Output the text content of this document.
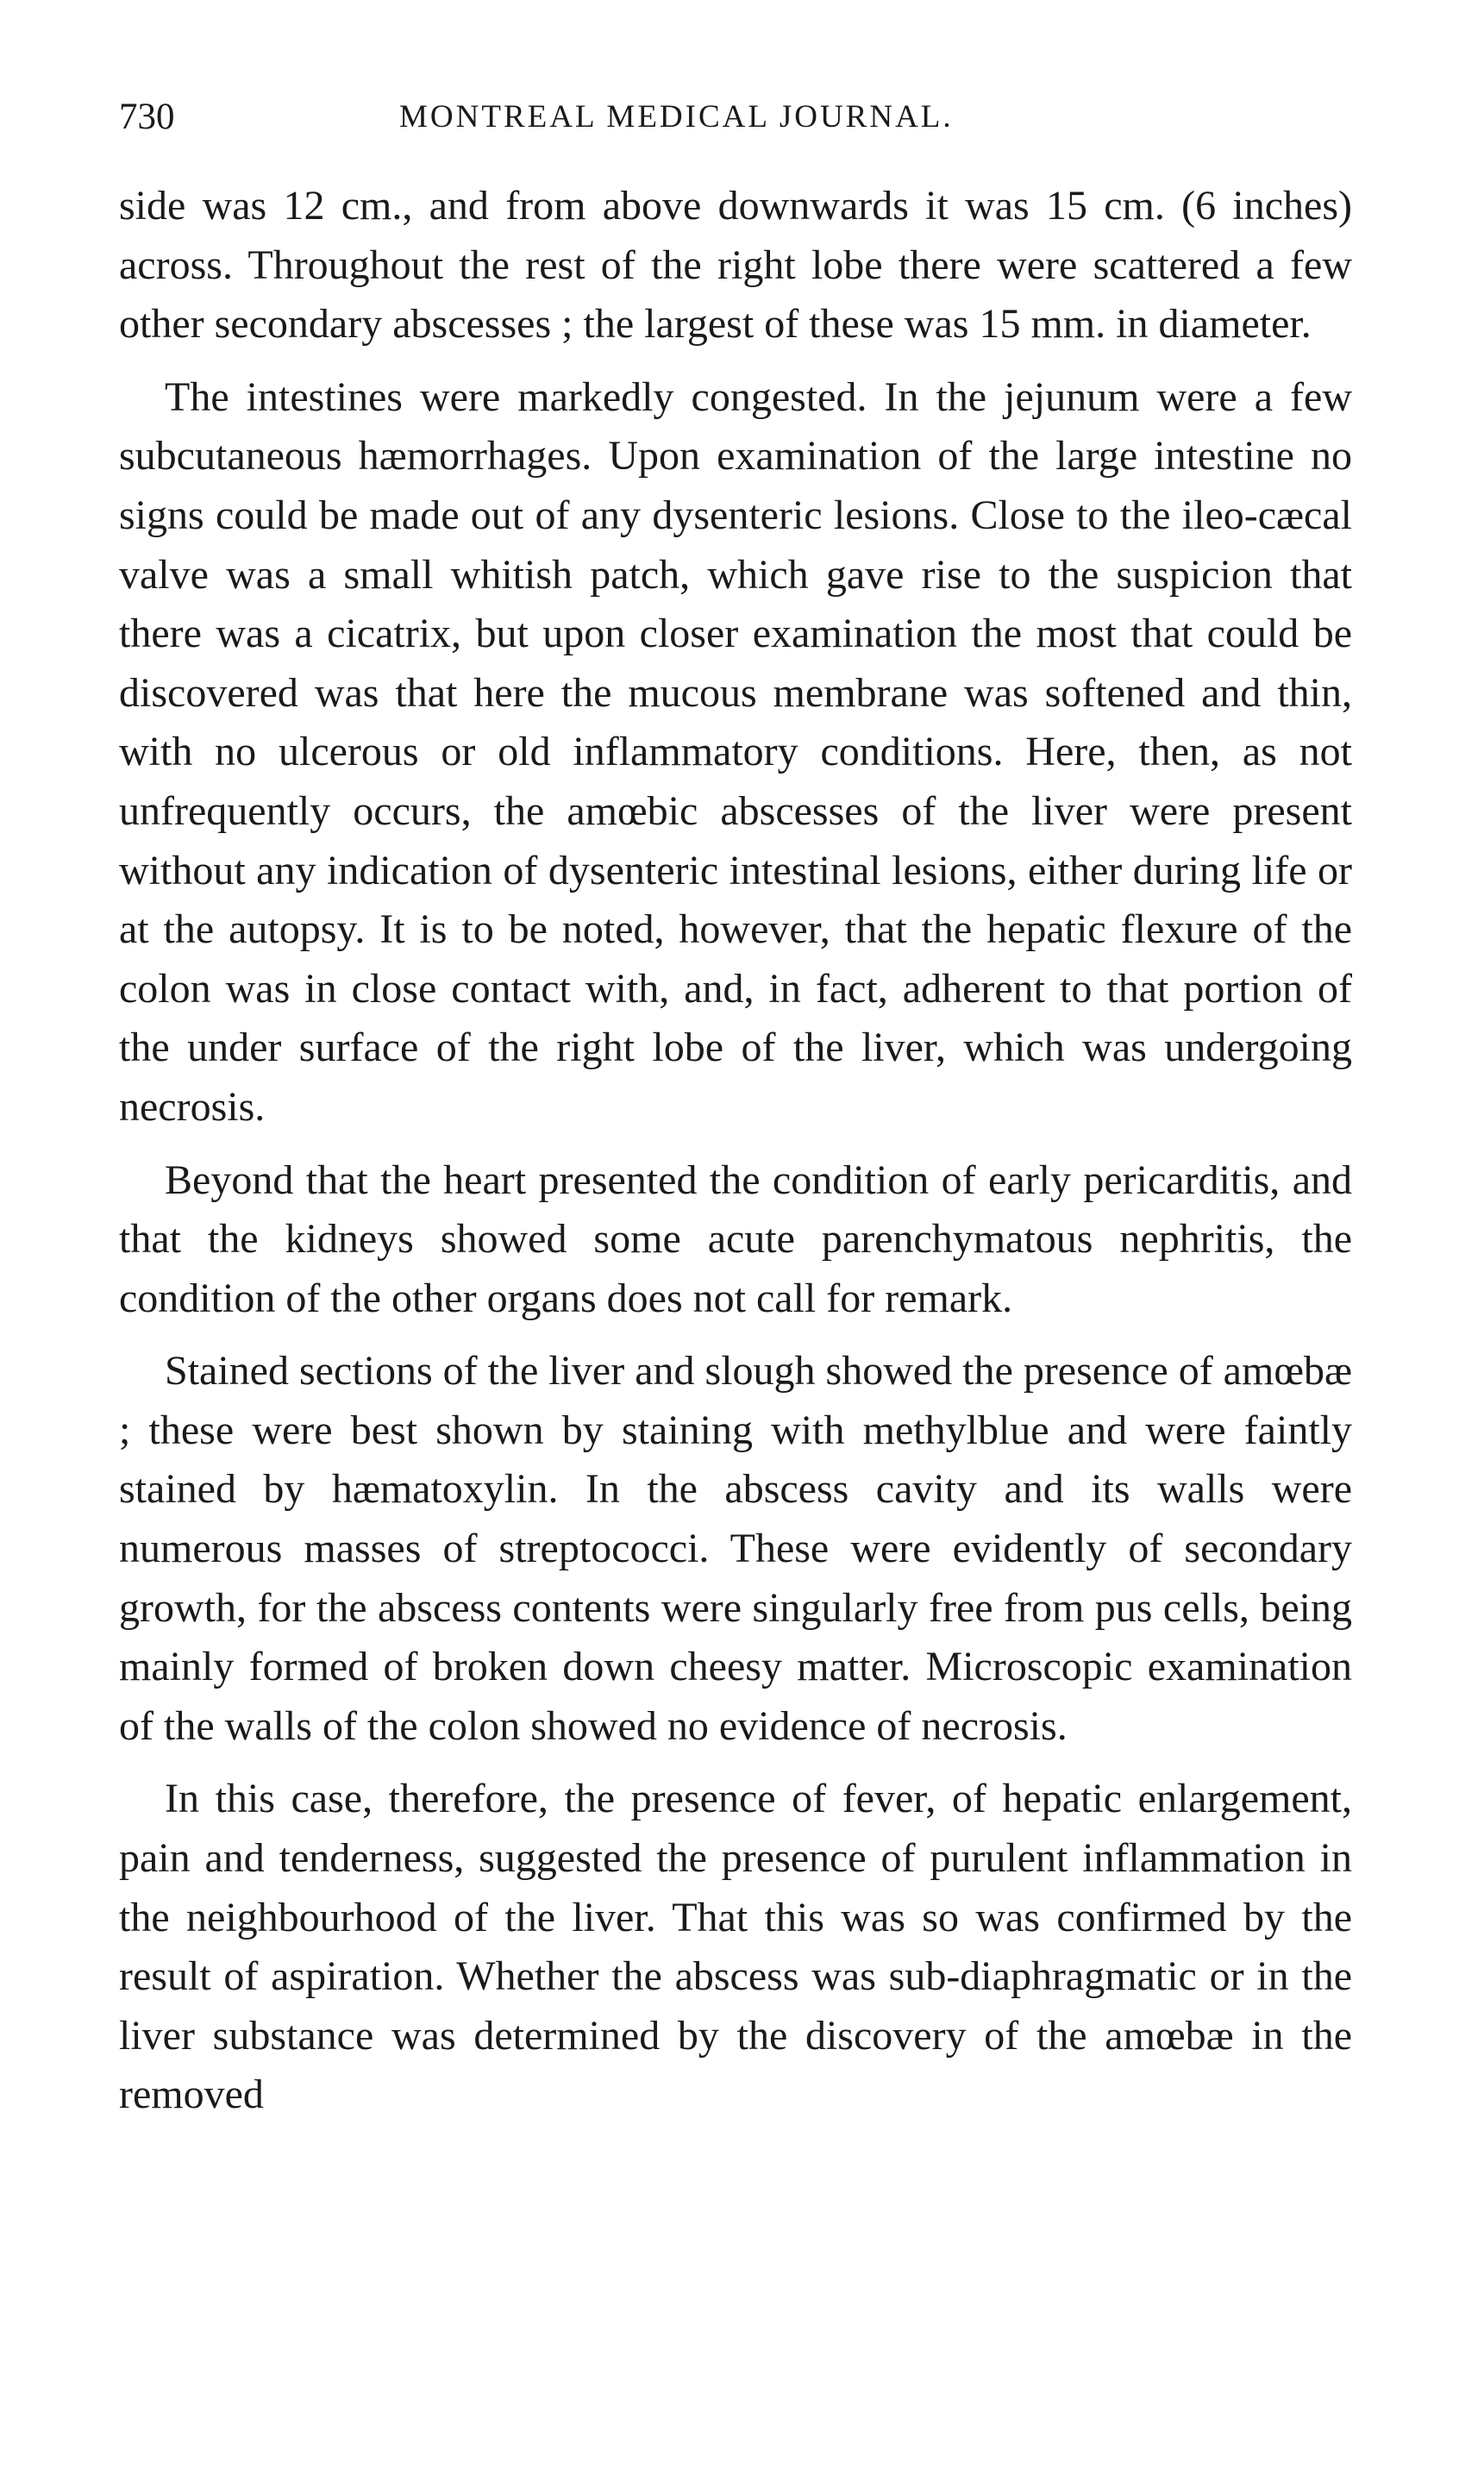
730	MONTREAL MEDICAL JOURNAL.

side was 12 cm., and from above downwards it was 15 cm. (6 inches) across. Throughout the rest of the right lobe there were scattered a few other secondary abscesses ; the largest of these was 15 mm. in diameter.

The intestines were markedly congested. In the jejunum were a few subcutaneous hæmorrhages. Upon examination of the large intestine no signs could be made out of any dysenteric lesions. Close to the ileo-cæcal valve was a small whitish patch, which gave rise to the suspicion that there was a cicatrix, but upon closer examination the most that could be discovered was that here the mucous membrane was softened and thin, with no ulcerous or old inflammatory conditions. Here, then, as not unfrequently occurs, the amœbic abscesses of the liver were present without any indication of dysenteric intestinal lesions, either during life or at the autopsy. It is to be noted, however, that the hepatic flexure of the colon was in close contact with, and, in fact, adherent to that portion of the under surface of the right lobe of the liver, which was undergoing necrosis.

Beyond that the heart presented the condition of early pericarditis, and that the kidneys showed some acute parenchymatous nephritis, the condition of the other organs does not call for remark.

Stained sections of the liver and slough showed the presence of amœbæ ; these were best shown by staining with methylblue and were faintly stained by hæmatoxylin. In the abscess cavity and its walls were numerous masses of streptococci. These were evidently of secondary growth, for the abscess contents were singularly free from pus cells, being mainly formed of broken down cheesy matter. Microscopic examination of the walls of the colon showed no evidence of necrosis.

In this case, therefore, the presence of fever, of hepatic enlargement, pain and tenderness, suggested the presence of purulent inflammation in the neighbourhood of the liver. That this was so was confirmed by the result of aspiration. Whether the abscess was sub-diaphragmatic or in the liver substance was determined by the discovery of the amœbæ in the removed
